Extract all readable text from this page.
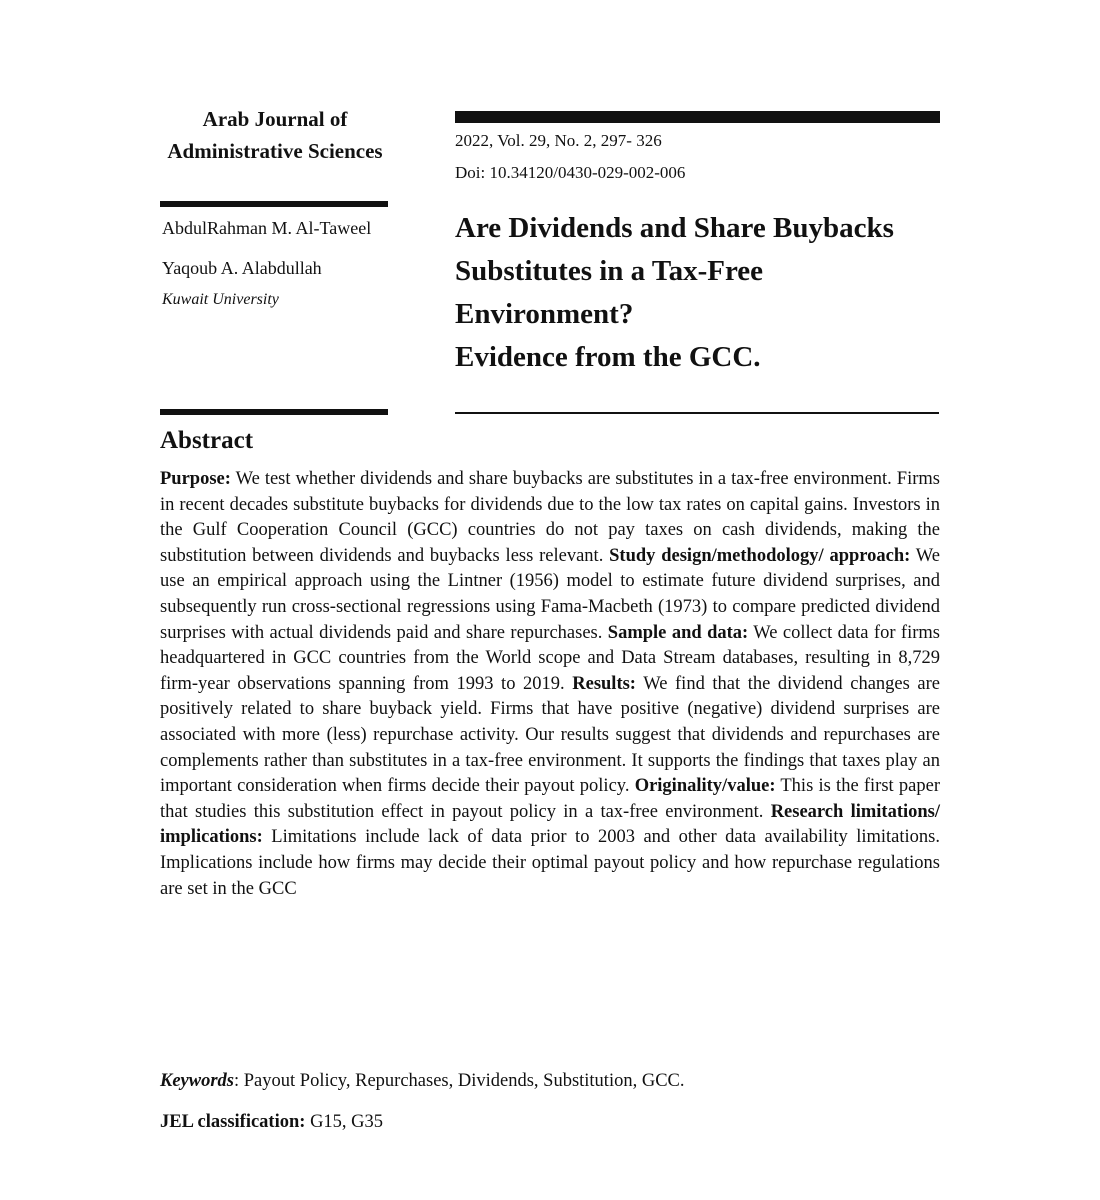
Arab Journal of
Administrative Sciences	2022, Vol. 29, No. 2, 297- 326
Doi: 10.34120/0430-029-002-006
AbdulRahman M. Al-Taweel
Yaqoub A. Alabdullah
Kuwait University
Are Dividends and Share Buybacks
Substitutes in a Tax-Free
Environment?
Evidence from the GCC.
Abstract
Purpose: We test whether dividends and share buybacks are substitutes in a tax-free environment. Firms in recent decades substitute buybacks for dividends due to the low tax rates on capital gains. Investors in the Gulf Cooperation Council (GCC) countries do not pay taxes on cash dividends, making the substitution between dividends and buybacks less relevant. Study design/methodology/ approach: We use an empirical approach using the Lintner (1956) model to estimate future dividend surprises, and subsequently run cross-sectional regressions using Fama-Macbeth (1973) to compare predicted dividend surprises with actual dividends paid and share repurchases. Sample and data: We collect data for firms headquartered in GCC countries from the World scope and Data Stream databases, resulting in 8,729 firm-year observations spanning from 1993 to 2019. Results: We find that the dividend changes are positively related to share buyback yield. Firms that have positive (negative) dividend surprises are associated with more (less) repurchase activity. Our results suggest that dividends and repurchases are complements rather than substitutes in a tax-free environment. It supports the findings that taxes play an important consideration when firms decide their payout policy. Originality/value: This is the first paper that studies this substitution effect in payout policy in a tax-free environment. Research limitations/ implications: Limitations include lack of data prior to 2003 and other data availability limitations. Implications include how firms may decide their optimal payout policy and how repurchase regulations are set in the GCC
Keywords: Payout Policy, Repurchases, Dividends, Substitution, GCC.
JEL classification: G15, G35
